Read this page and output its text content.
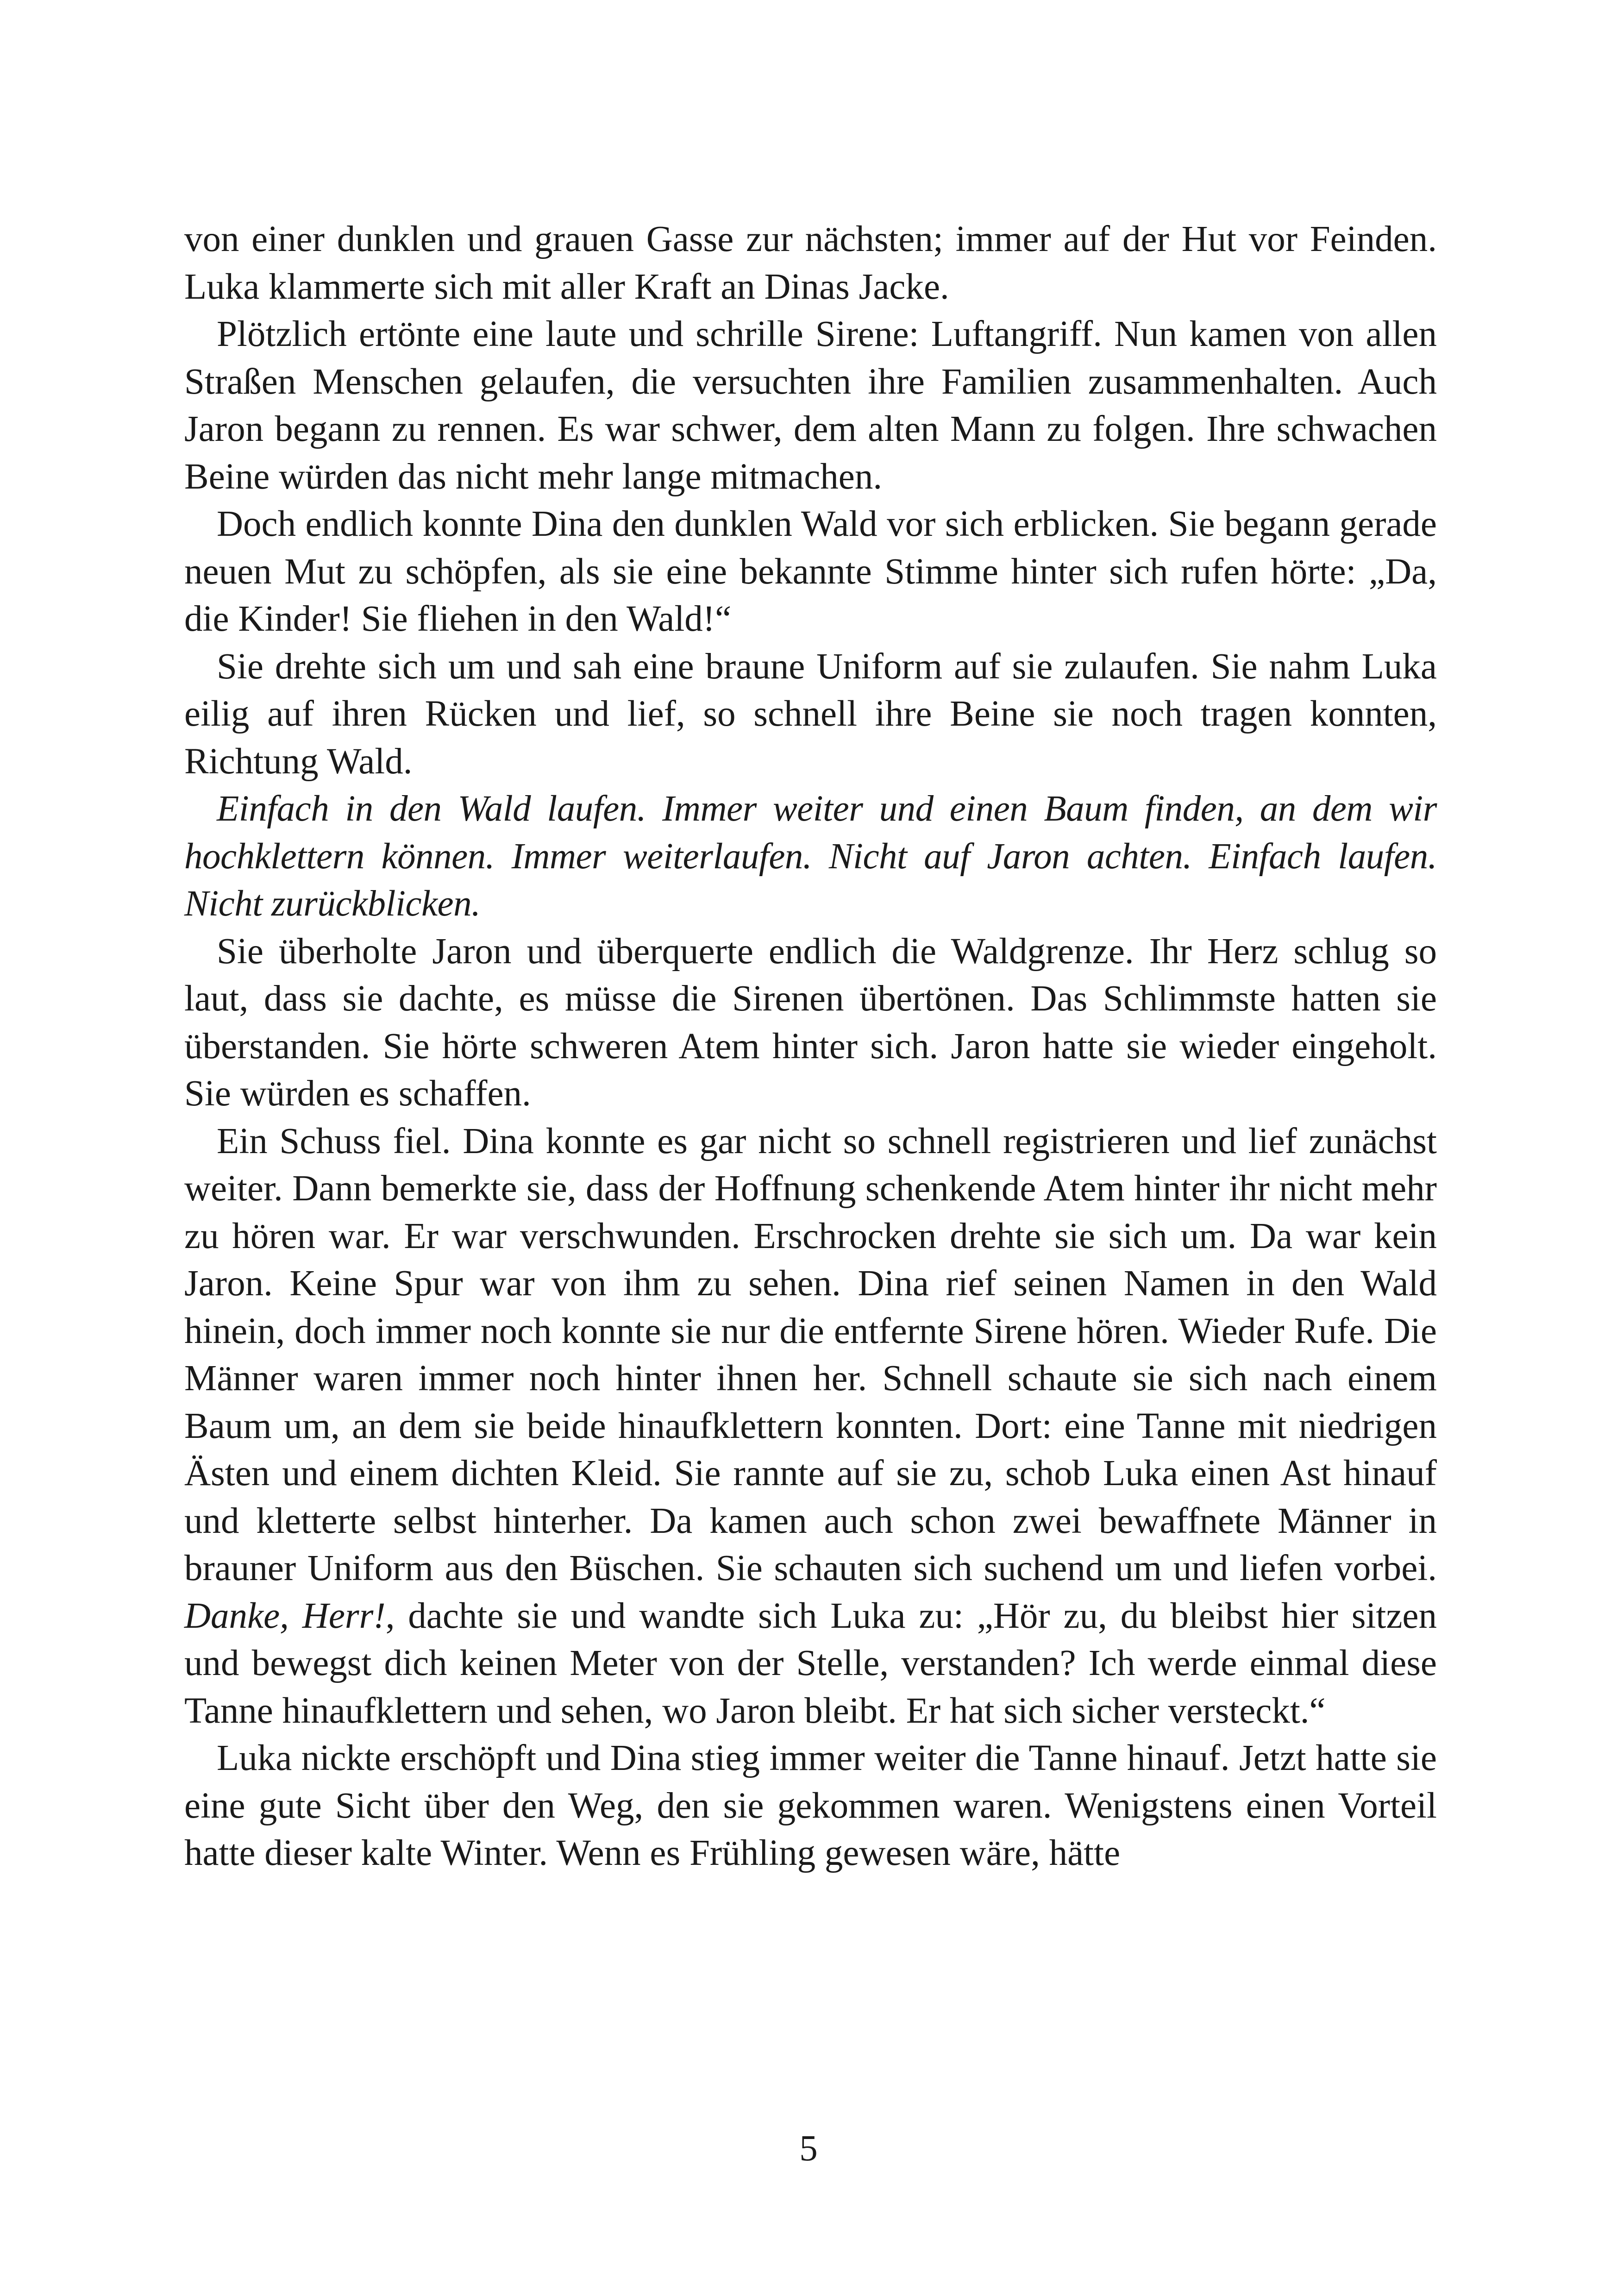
von einer dunklen und grauen Gasse zur nächsten; immer auf der Hut vor Feinden. Luka klammerte sich mit aller Kraft an Dinas Jacke.

Plötzlich ertönte eine laute und schrille Sirene: Luftangriff. Nun kamen von allen Straßen Menschen gelaufen, die versuchten ihre Familien zusammenhalten. Auch Jaron begann zu rennen. Es war schwer, dem alten Mann zu folgen. Ihre schwachen Beine würden das nicht mehr lange mitmachen.

Doch endlich konnte Dina den dunklen Wald vor sich erblicken. Sie begann gerade neuen Mut zu schöpfen, als sie eine bekannte Stimme hinter sich rufen hörte: „Da, die Kinder! Sie fliehen in den Wald!“

Sie drehte sich um und sah eine braune Uniform auf sie zulaufen. Sie nahm Luka eilig auf ihren Rücken und lief, so schnell ihre Beine sie noch tragen konnten, Richtung Wald.

Einfach in den Wald laufen. Immer weiter und einen Baum finden, an dem wir hochklettern können. Immer weiterlaufen. Nicht auf Jaron achten. Einfach laufen. Nicht zurückblicken.

Sie überholte Jaron und überquerte endlich die Waldgrenze. Ihr Herz schlug so laut, dass sie dachte, es müsse die Sirenen übertönen. Das Schlimmste hatten sie überstanden. Sie hörte schweren Atem hinter sich. Jaron hatte sie wieder eingeholt. Sie würden es schaffen.

Ein Schuss fiel. Dina konnte es gar nicht so schnell registrieren und lief zunächst weiter. Dann bemerkte sie, dass der Hoffnung schenkende Atem hinter ihr nicht mehr zu hören war. Er war verschwunden. Erschrocken drehte sie sich um. Da war kein Jaron. Keine Spur war von ihm zu sehen. Dina rief seinen Namen in den Wald hinein, doch immer noch konnte sie nur die entfernte Sirene hören. Wieder Rufe. Die Männer waren immer noch hinter ihnen her. Schnell schaute sie sich nach einem Baum um, an dem sie beide hinaufklettern konnten. Dort: eine Tanne mit niedrigen Ästen und einem dichten Kleid. Sie rannte auf sie zu, schob Luka einen Ast hinauf und kletterte selbst hinterher. Da kamen auch schon zwei bewaffnete Männer in brauner Uniform aus den Büschen. Sie schauten sich suchend um und liefen vorbei. Danke, Herr!, dachte sie und wandte sich Luka zu: „Hör zu, du bleibst hier sitzen und bewegst dich keinen Meter von der Stelle, verstanden? Ich werde einmal diese Tanne hinaufklettern und sehen, wo Jaron bleibt. Er hat sich sicher versteckt.“

Luka nickte erschöpft und Dina stieg immer weiter die Tanne hinauf. Jetzt hatte sie eine gute Sicht über den Weg, den sie gekommen waren. Wenigstens einen Vorteil hatte dieser kalte Winter. Wenn es Frühling gewesen wäre, hätte

5
